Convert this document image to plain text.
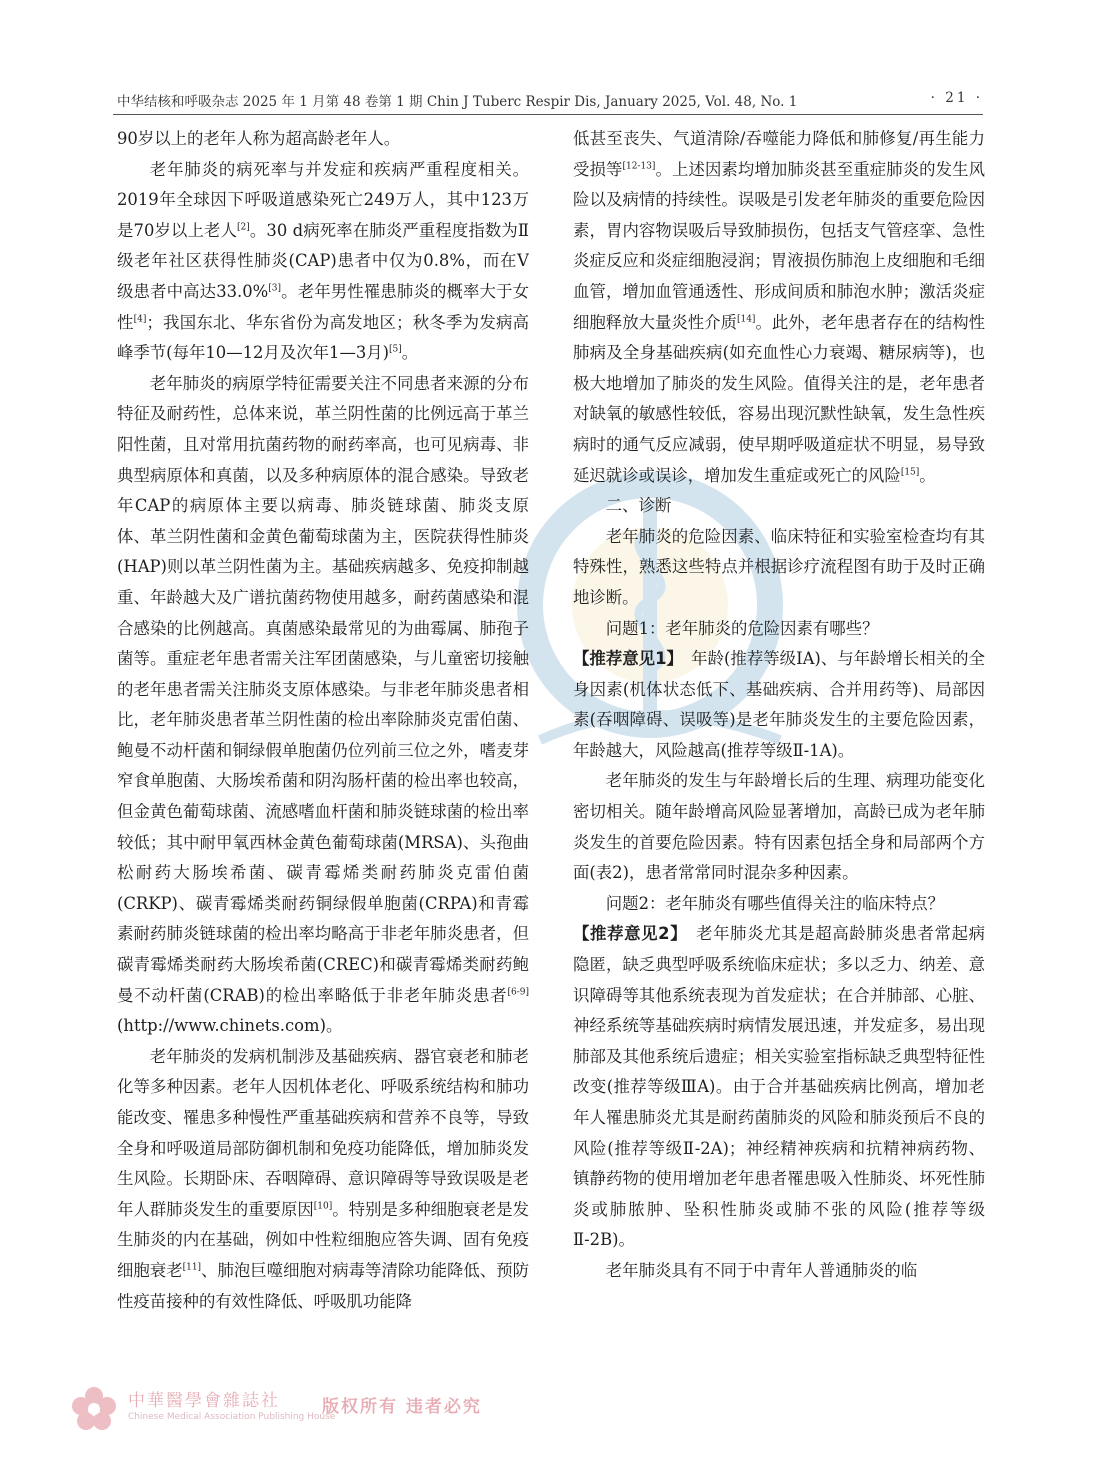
中华结核和呼吸杂志 2025 年 1 月第 48 卷第 1 期 Chin J Tuberc Respir Dis, January 2025, Vol. 48, No. 1	· 21 ·

90岁以上的老年人称为超高龄老年人。

老年肺炎的病死率与并发症和疾病严重程度相关。2019年全球因下呼吸道感染死亡249万人，其中123万是70岁以上老人[2]。30 d病死率在肺炎严重程度指数为Ⅱ级老年社区获得性肺炎(CAP)患者中仅为0.8%，而在Ⅴ级患者中高达33.0%[3]。老年男性罹患肺炎的概率大于女性[4]；我国东北、华东省份为高发地区；秋冬季为发病高峰季节(每年10—12月及次年1—3月)[5]。

老年肺炎的病原学特征需要关注不同患者来源的分布特征及耐药性，总体来说，革兰阴性菌的比例远高于革兰阳性菌，且对常用抗菌药物的耐药率高，也可见病毒、非典型病原体和真菌，以及多种病原体的混合感染。导致老年CAP的病原体主要以病毒、肺炎链球菌、肺炎支原体、革兰阴性菌和金黄色葡萄球菌为主，医院获得性肺炎(HAP)则以革兰阴性菌为主。基础疾病越多、免疫抑制越重、年龄越大及广谱抗菌药物使用越多，耐药菌感染和混合感染的比例越高。真菌感染最常见的为曲霉属、肺孢子菌等。重症老年患者需关注军团菌感染，与儿童密切接触的老年患者需关注肺炎支原体感染。与非老年肺炎患者相比，老年肺炎患者革兰阴性菌的检出率除肺炎克雷伯菌、鲍曼不动杆菌和铜绿假单胞菌仍位列前三位之外，嗜麦芽窄食单胞菌、大肠埃希菌和阴沟肠杆菌的检出率也较高，但金黄色葡萄球菌、流感嗜血杆菌和肺炎链球菌的检出率较低；其中耐甲氧西林金黄色葡萄球菌(MRSA)、头孢曲松耐药大肠埃希菌、碳青霉烯类耐药肺炎克雷伯菌(CRKP)、碳青霉烯类耐药铜绿假单胞菌(CRPA)和青霉素耐药肺炎链球菌的检出率均略高于非老年肺炎患者，但碳青霉烯类耐药大肠埃希菌(CREC)和碳青霉烯类耐药鲍曼不动杆菌(CRAB)的检出率略低于非老年肺炎患者[6-9](http://www.chinets.com)。

老年肺炎的发病机制涉及基础疾病、器官衰老和肺老化等多种因素。老年人因机体老化、呼吸系统结构和肺功能改变、罹患多种慢性严重基础疾病和营养不良等，导致全身和呼吸道局部防御机制和免疫功能降低，增加肺炎发生风险。长期卧床、吞咽障碍、意识障碍等导致误吸是老年人群肺炎发生的重要原因[10]。特别是多种细胞衰老是发生肺炎的内在基础，例如中性粒细胞应答失调、固有免疫细胞衰老[11]、肺泡巨噬细胞对病毒等清除功能降低、预防性疫苗接种的有效性降低、呼吸肌功能降

低甚至丧失、气道清除/吞噬能力降低和肺修复/再生能力受损等[12-13]。上述因素均增加肺炎甚至重症肺炎的发生风险以及病情的持续性。误吸是引发老年肺炎的重要危险因素，胃内容物误吸后导致肺损伤，包括支气管痉挛、急性炎症反应和炎症细胞浸润；胃液损伤肺泡上皮细胞和毛细血管，增加血管通透性、形成间质和肺泡水肿；激活炎症细胞释放大量炎性介质[14]。此外，老年患者存在的结构性肺病及全身基础疾病(如充血性心力衰竭、糖尿病等)，也极大地增加了肺炎的发生风险。值得关注的是，老年患者对缺氧的敏感性较低，容易出现沉默性缺氧，发生急性疾病时的通气反应减弱，使早期呼吸道症状不明显，易导致延迟就诊或误诊，增加发生重症或死亡的风险[15]。

二、诊断

老年肺炎的危险因素、临床特征和实验室检查均有其特殊性，熟悉这些特点并根据诊疗流程图有助于及时正确地诊断。

问题1：老年肺炎的危险因素有哪些？

【推荐意见1】　年龄(推荐等级ⅠA)、与年龄增长相关的全身因素(机体状态低下、基础疾病、合并用药等)、局部因素(吞咽障碍、误吸等)是老年肺炎发生的主要危险因素，年龄越大，风险越高(推荐等级Ⅱ-1A)。

老年肺炎的发生与年龄增长后的生理、病理功能变化密切相关。随年龄增高风险显著增加，高龄已成为老年肺炎发生的首要危险因素。特有因素包括全身和局部两个方面(表2)，患者常常同时混杂多种因素。

问题2：老年肺炎有哪些值得关注的临床特点？

【推荐意见2】　老年肺炎尤其是超高龄肺炎患者常起病隐匿，缺乏典型呼吸系统临床症状；多以乏力、纳差、意识障碍等其他系统表现为首发症状；在合并肺部、心脏、神经系统等基础疾病时病情发展迅速，并发症多，易出现肺部及其他系统后遗症；相关实验室指标缺乏典型特征性改变(推荐等级ⅢA)。由于合并基础疾病比例高，增加老年人罹患肺炎尤其是耐药菌肺炎的风险和肺炎预后不良的风险(推荐等级Ⅱ-2A)；神经精神疾病和抗精神病药物、镇静药物的使用增加老年患者罹患吸入性肺炎、坏死性肺炎或肺脓肿、坠积性肺炎或肺不张的风险(推荐等级Ⅱ-2B)。

老年肺炎具有不同于中青年人普通肺炎的临

中華醫學會雜誌社
Chinese Medical Association Publishing House
版权所有 违者必究
